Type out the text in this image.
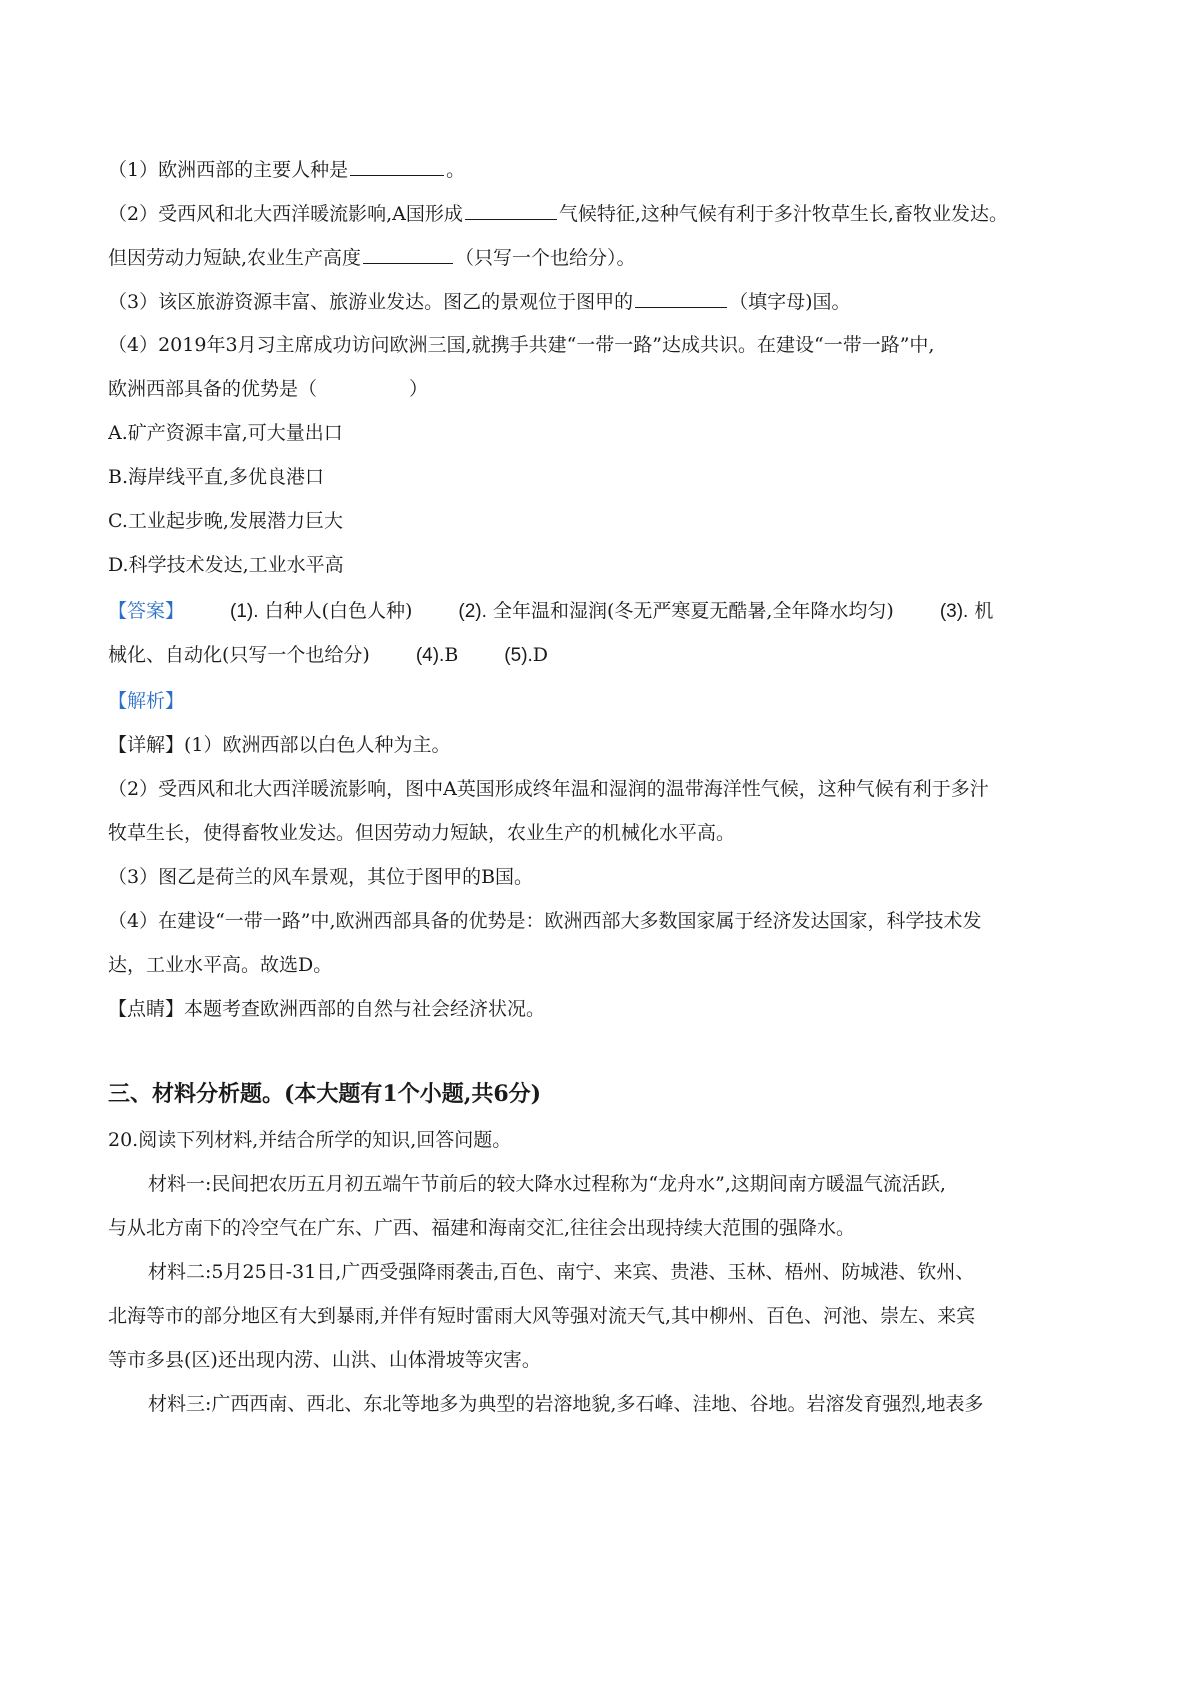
（1）欧洲西部的主要人种是	。
（2）受西风和北大西洋暖流影响,A国形成	气候特征,这种气候有利于多汁牧草生长,畜牧业发达。
但因劳动力短缺,农业生产高度	（只写一个也给分）。
（3）该区旅游资源丰富、旅游业发达。图乙的景观位于图甲的	（填字母)国。
（4）2019年3月习主席成功访问欧洲三国,就携手共建“一带一路”达成共识。在建设“一带一路”中,
欧洲西部具备的优势是（	）
A.矿产资源丰富,可大量出口
B.海岸线平直,多优良港口
C.工业起步晚,发展潜力巨大
D.科学技术发达,工业水平高
【答案】 (1). 白种人(白色人种) (2). 全年温和湿润(冬无严寒夏无酷暑,全年降水均匀) (3). 机
械化、自动化(只写一个也给分) (4).B (5).D
【解析】
【详解】(1）欧洲西部以白色人种为主。
（2）受西风和北大西洋暖流影响，图中A英国形成终年温和湿润的温带海洋性气候，这种气候有利于多汁
牧草生长，使得畜牧业发达。但因劳动力短缺，农业生产的机械化水平高。
（3）图乙是荷兰的风车景观，其位于图甲的B国。
（4）在建设“一带一路”中,欧洲西部具备的优势是：欧洲西部大多数国家属于经济发达国家，科学技术发
达，工业水平高。故选D。
【点睛】本题考查欧洲西部的自然与社会经济状况。
三、材料分析题。(本大题有1个小题,共6分)
20.阅读下列材料,并结合所学的知识,回答问题。
材料一:民间把农历五月初五端午节前后的较大降水过程称为“龙舟水”,这期间南方暖温气流活跃,
与从北方南下的冷空气在广东、广西、福建和海南交汇,往往会出现持续大范围的强降水。
材料二:5月25日-31日,广西受强降雨袭击,百色、南宁、来宾、贵港、玉林、梧州、防城港、钦州、
北海等市的部分地区有大到暴雨,并伴有短时雷雨大风等强对流天气,其中柳州、百色、河池、崇左、来宾
等市多县(区)还出现内涝、山洪、山体滑坡等灾害。
材料三:广西西南、西北、东北等地多为典型的岩溶地貌,多石峰、洼地、谷地。岩溶发育强烈,地表多
